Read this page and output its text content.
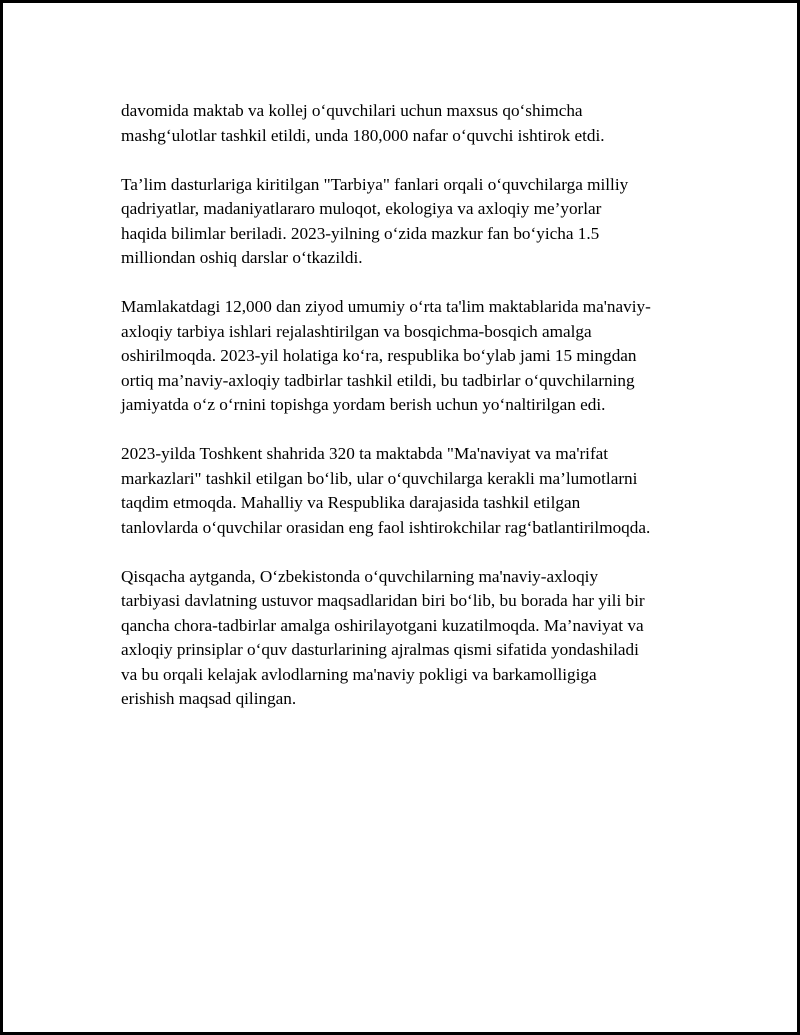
davomida maktab va kollej o‘quvchilari uchun maxsus qo‘shimcha
mashg‘ulotlar tashkil etildi, unda 180,000 nafar o‘quvchi ishtirok etdi.

Ta’lim dasturlariga kiritilgan "Tarbiya" fanlari orqali o‘quvchilarga milliy
qadriyatlar, madaniyatlararo muloqot, ekologiya va axloqiy me’yorlar
haqida bilimlar beriladi. 2023-yilning o‘zida mazkur fan bo‘yicha 1.5
milliondan oshiq darslar o‘tkazildi.

Mamlakatdagi 12,000 dan ziyod umumiy o‘rta ta'lim maktablarida ma'naviy-
axloqiy tarbiya ishlari rejalashtirilgan va bosqichma-bosqich amalga
oshirilmoqda. 2023-yil holatiga ko‘ra, respublika bo‘ylab jami 15 mingdan
ortiq ma’naviy-axloqiy tadbirlar tashkil etildi, bu tadbirlar o‘quvchilarning
jamiyatda o‘z o‘rnini topishga yordam berish uchun yo‘naltirilgan edi.

2023-yilda Toshkent shahrida 320 ta maktabda "Ma'naviyat va ma'rifat
markazlari" tashkil etilgan bo‘lib, ular o‘quvchilarga kerakli ma’lumotlarni
taqdim etmoqda. Mahalliy va Respublika darajasida tashkil etilgan
tanlovlarda o‘quvchilar orasidan eng faol ishtirokchilar rag‘batlantirilmoqda.

Qisqacha aytganda, O‘zbekistonda o‘quvchilarning ma'naviy-axloqiy
tarbiyasi davlatning ustuvor maqsadlaridan biri bo‘lib, bu borada har yili bir
qancha chora-tadbirlar amalga oshirilayotgani kuzatilmoqda. Ma’naviyat va
axloqiy prinsiplar o‘quv dasturlarining ajralmas qismi sifatida yondashiladi
va bu orqali kelajak avlodlarning ma'naviy pokligi va barkamolligiga
erishish maqsad qilingan.
